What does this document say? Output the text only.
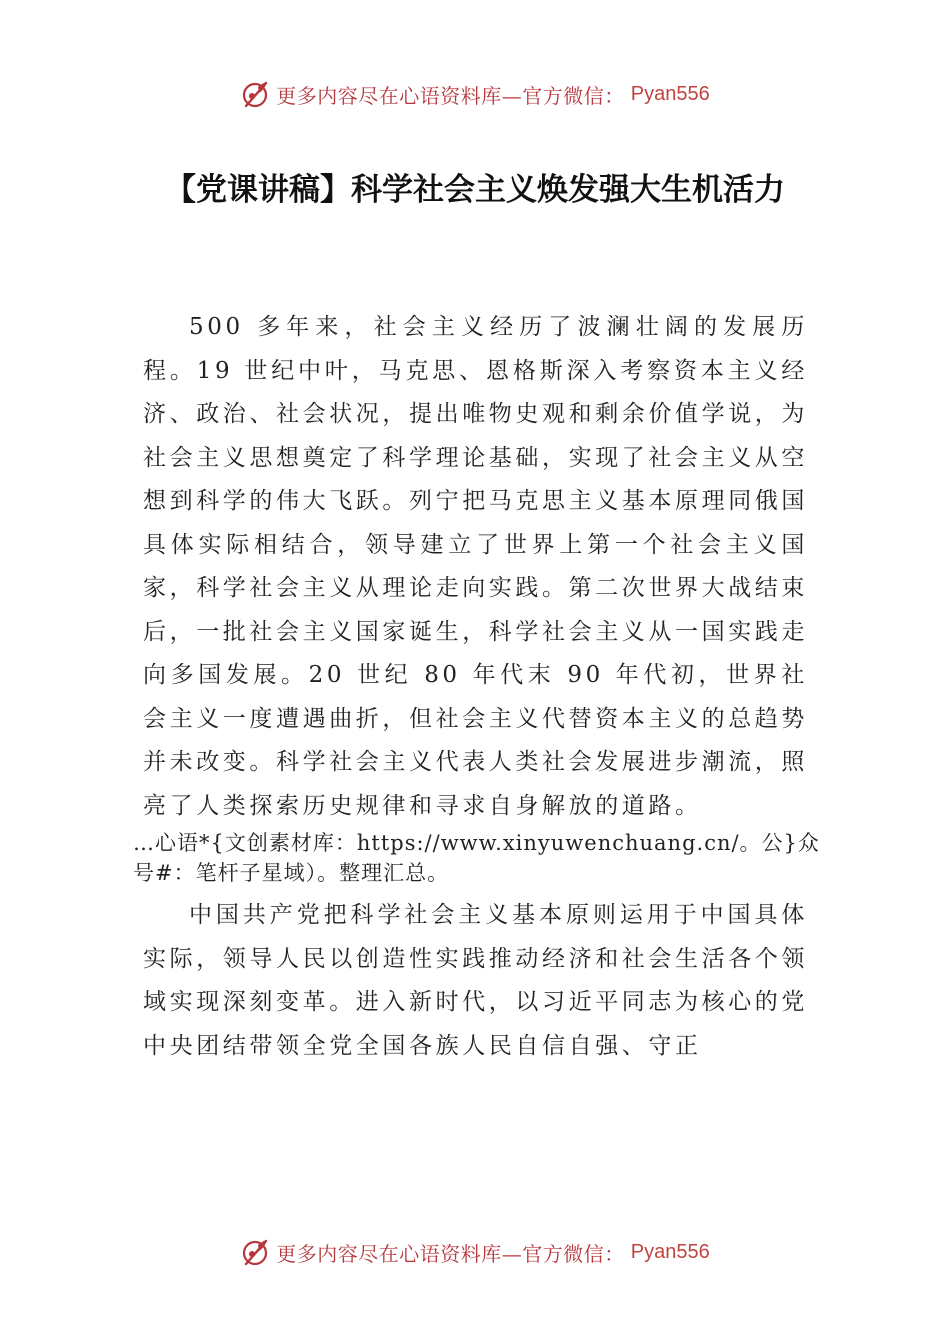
更多内容尽在心语资料库—官方微信： Pyan556
【党课讲稿】科学社会主义焕发强大生机活力

500 多年来，社会主义经历了波澜壮阔的发展历程。19 世纪中叶，马克思、恩格斯深入考察资本主义经济、政治、社会状况，提出唯物史观和剩余价值学说，为社会主义思想奠定了科学理论基础，实现了社会主义从空想到科学的伟大飞跃。列宁把马克思主义基本原理同俄国具体实际相结合，领导建立了世界上第一个社会主义国家，科学社会主义从理论走向实践。第二次世界大战结束后，一批社会主义国家诞生，科学社会主义从一国实践走向多国发展。20 世纪 80 年代末 90 年代初，世界社会主义一度遭遇曲折，但社会主义代替资本主义的总趋势并未改变。科学社会主义代表人类社会发展进步潮流，照亮了人类探索历史规律和寻求自身解放的道路。

…心语*{文创素材库：https://www.xinyuwenchuang.cn/。公}众号#：笔杆子星域）。整理汇总。

中国共产党把科学社会主义基本原则运用于中国具体实际，领导人民以创造性实践推动经济和社会生活各个领域实现深刻变革。进入新时代，以习近平同志为核心的党中央团结带领全党全国各族人民自信自强、守正

更多内容尽在心语资料库—官方微信： Pyan556
